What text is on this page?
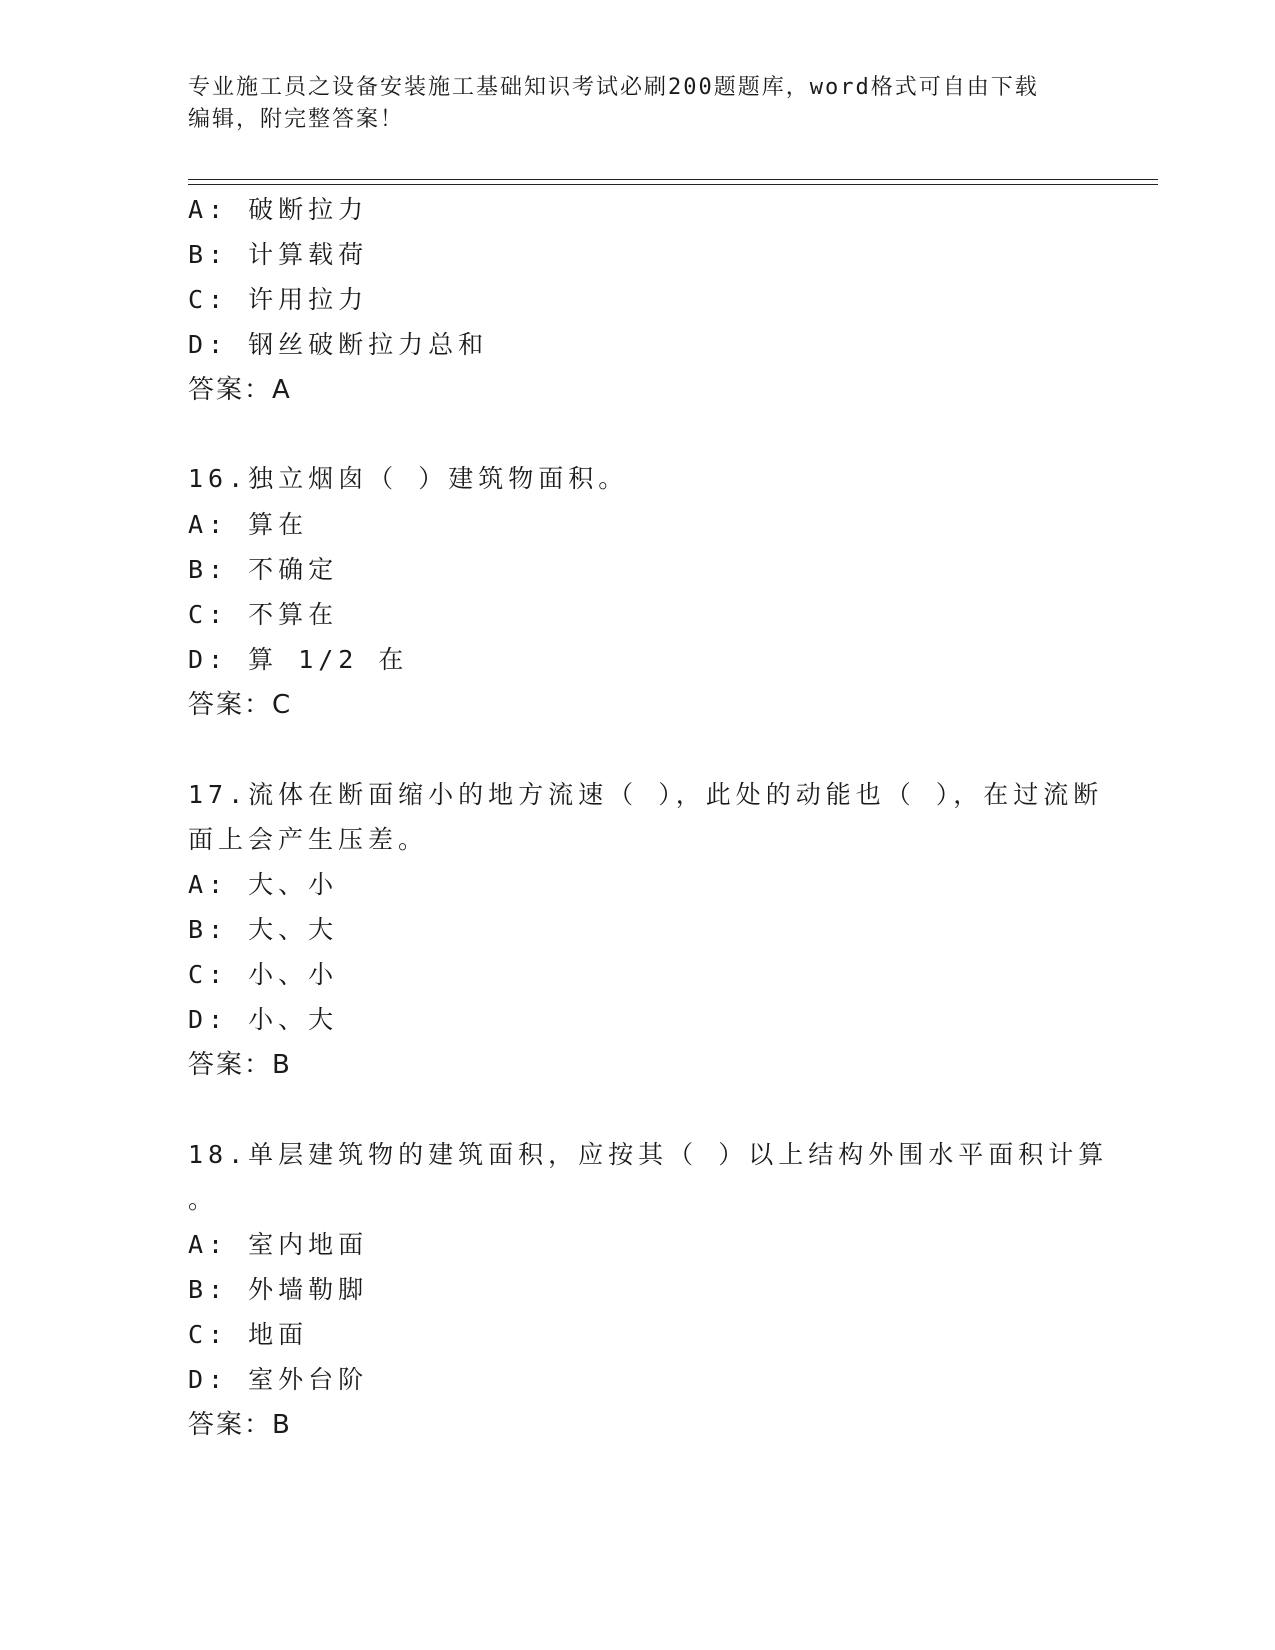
专业施工员之设备安装施工基础知识考试必刷200题题库，word格式可自由下载
编辑，附完整答案！
A: 破断拉力
B: 计算载荷
C: 许用拉力
D: 钢丝破断拉力总和
答案：A
16.独立烟囱（ ）建筑物面积。
A: 算在
B: 不确定
C: 不算在
D: 算 1/2 在
答案：C
17.流体在断面缩小的地方流速（ ），此处的动能也（ ），在过流断
面上会产生压差。
A: 大、小
B: 大、大
C: 小、小
D: 小、大
答案：B
18.单层建筑物的建筑面积，应按其（ ）以上结构外围水平面积计算
。
A: 室内地面
B: 外墙勒脚
C: 地面
D: 室外台阶
答案：B
